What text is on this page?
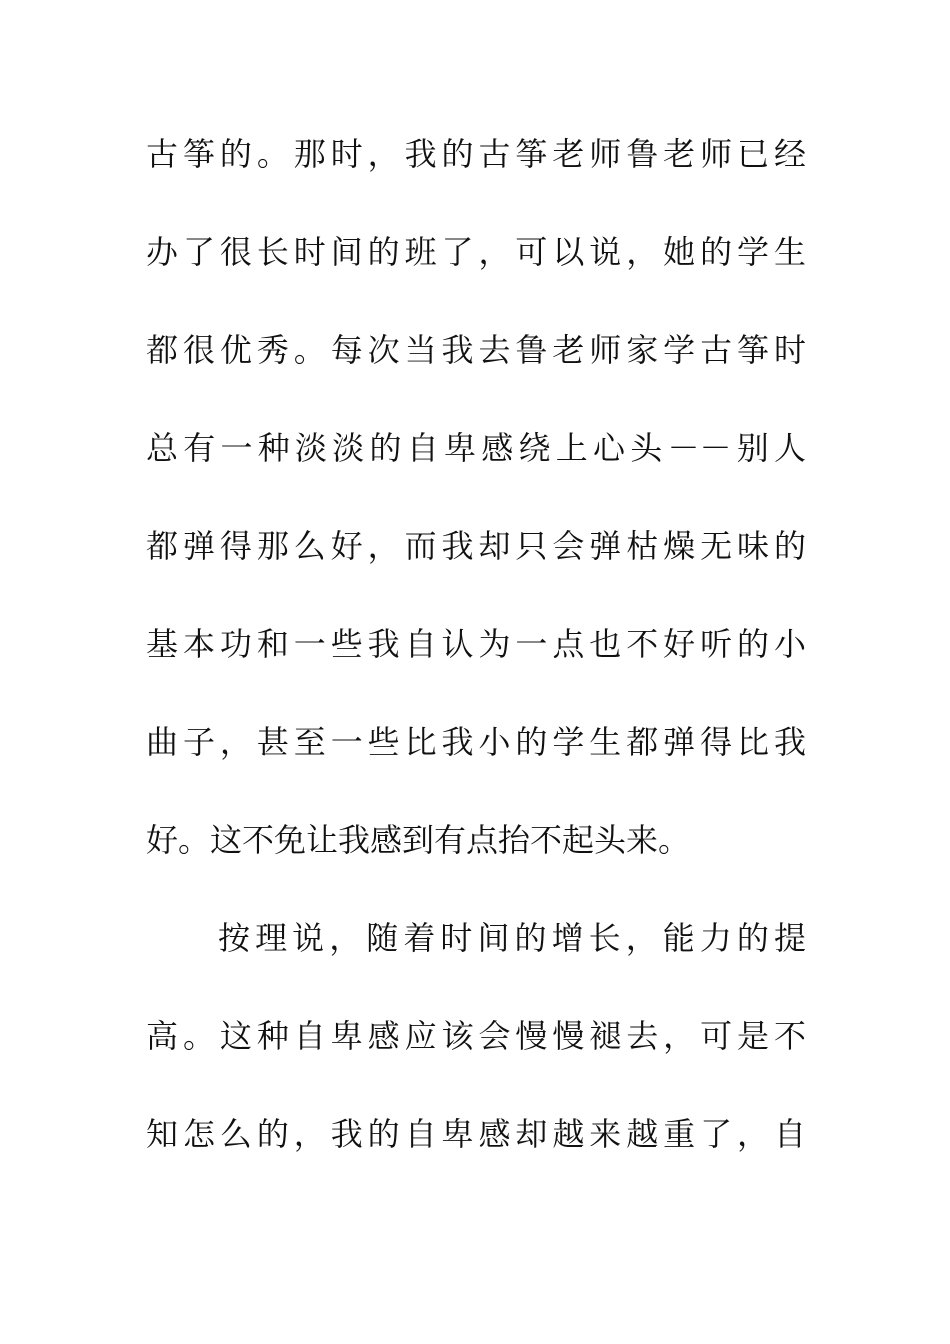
古筝的。那时，我的古筝老师鲁老师已经
办了很长时间的班了，可以说，她的学生
都很优秀。每次当我去鲁老师家学古筝时
总有一种淡淡的自卑感绕上心头－－别人
都弹得那么好，而我却只会弹枯燥无味的
基本功和一些我自认为一点也不好听的小
曲子，甚至一些比我小的学生都弹得比我
好。这不免让我感到有点抬不起头来。
按理说，随着时间的增长，能力的提
高。这种自卑感应该会慢慢褪去，可是不
知怎么的，我的自卑感却越来越重了，自
